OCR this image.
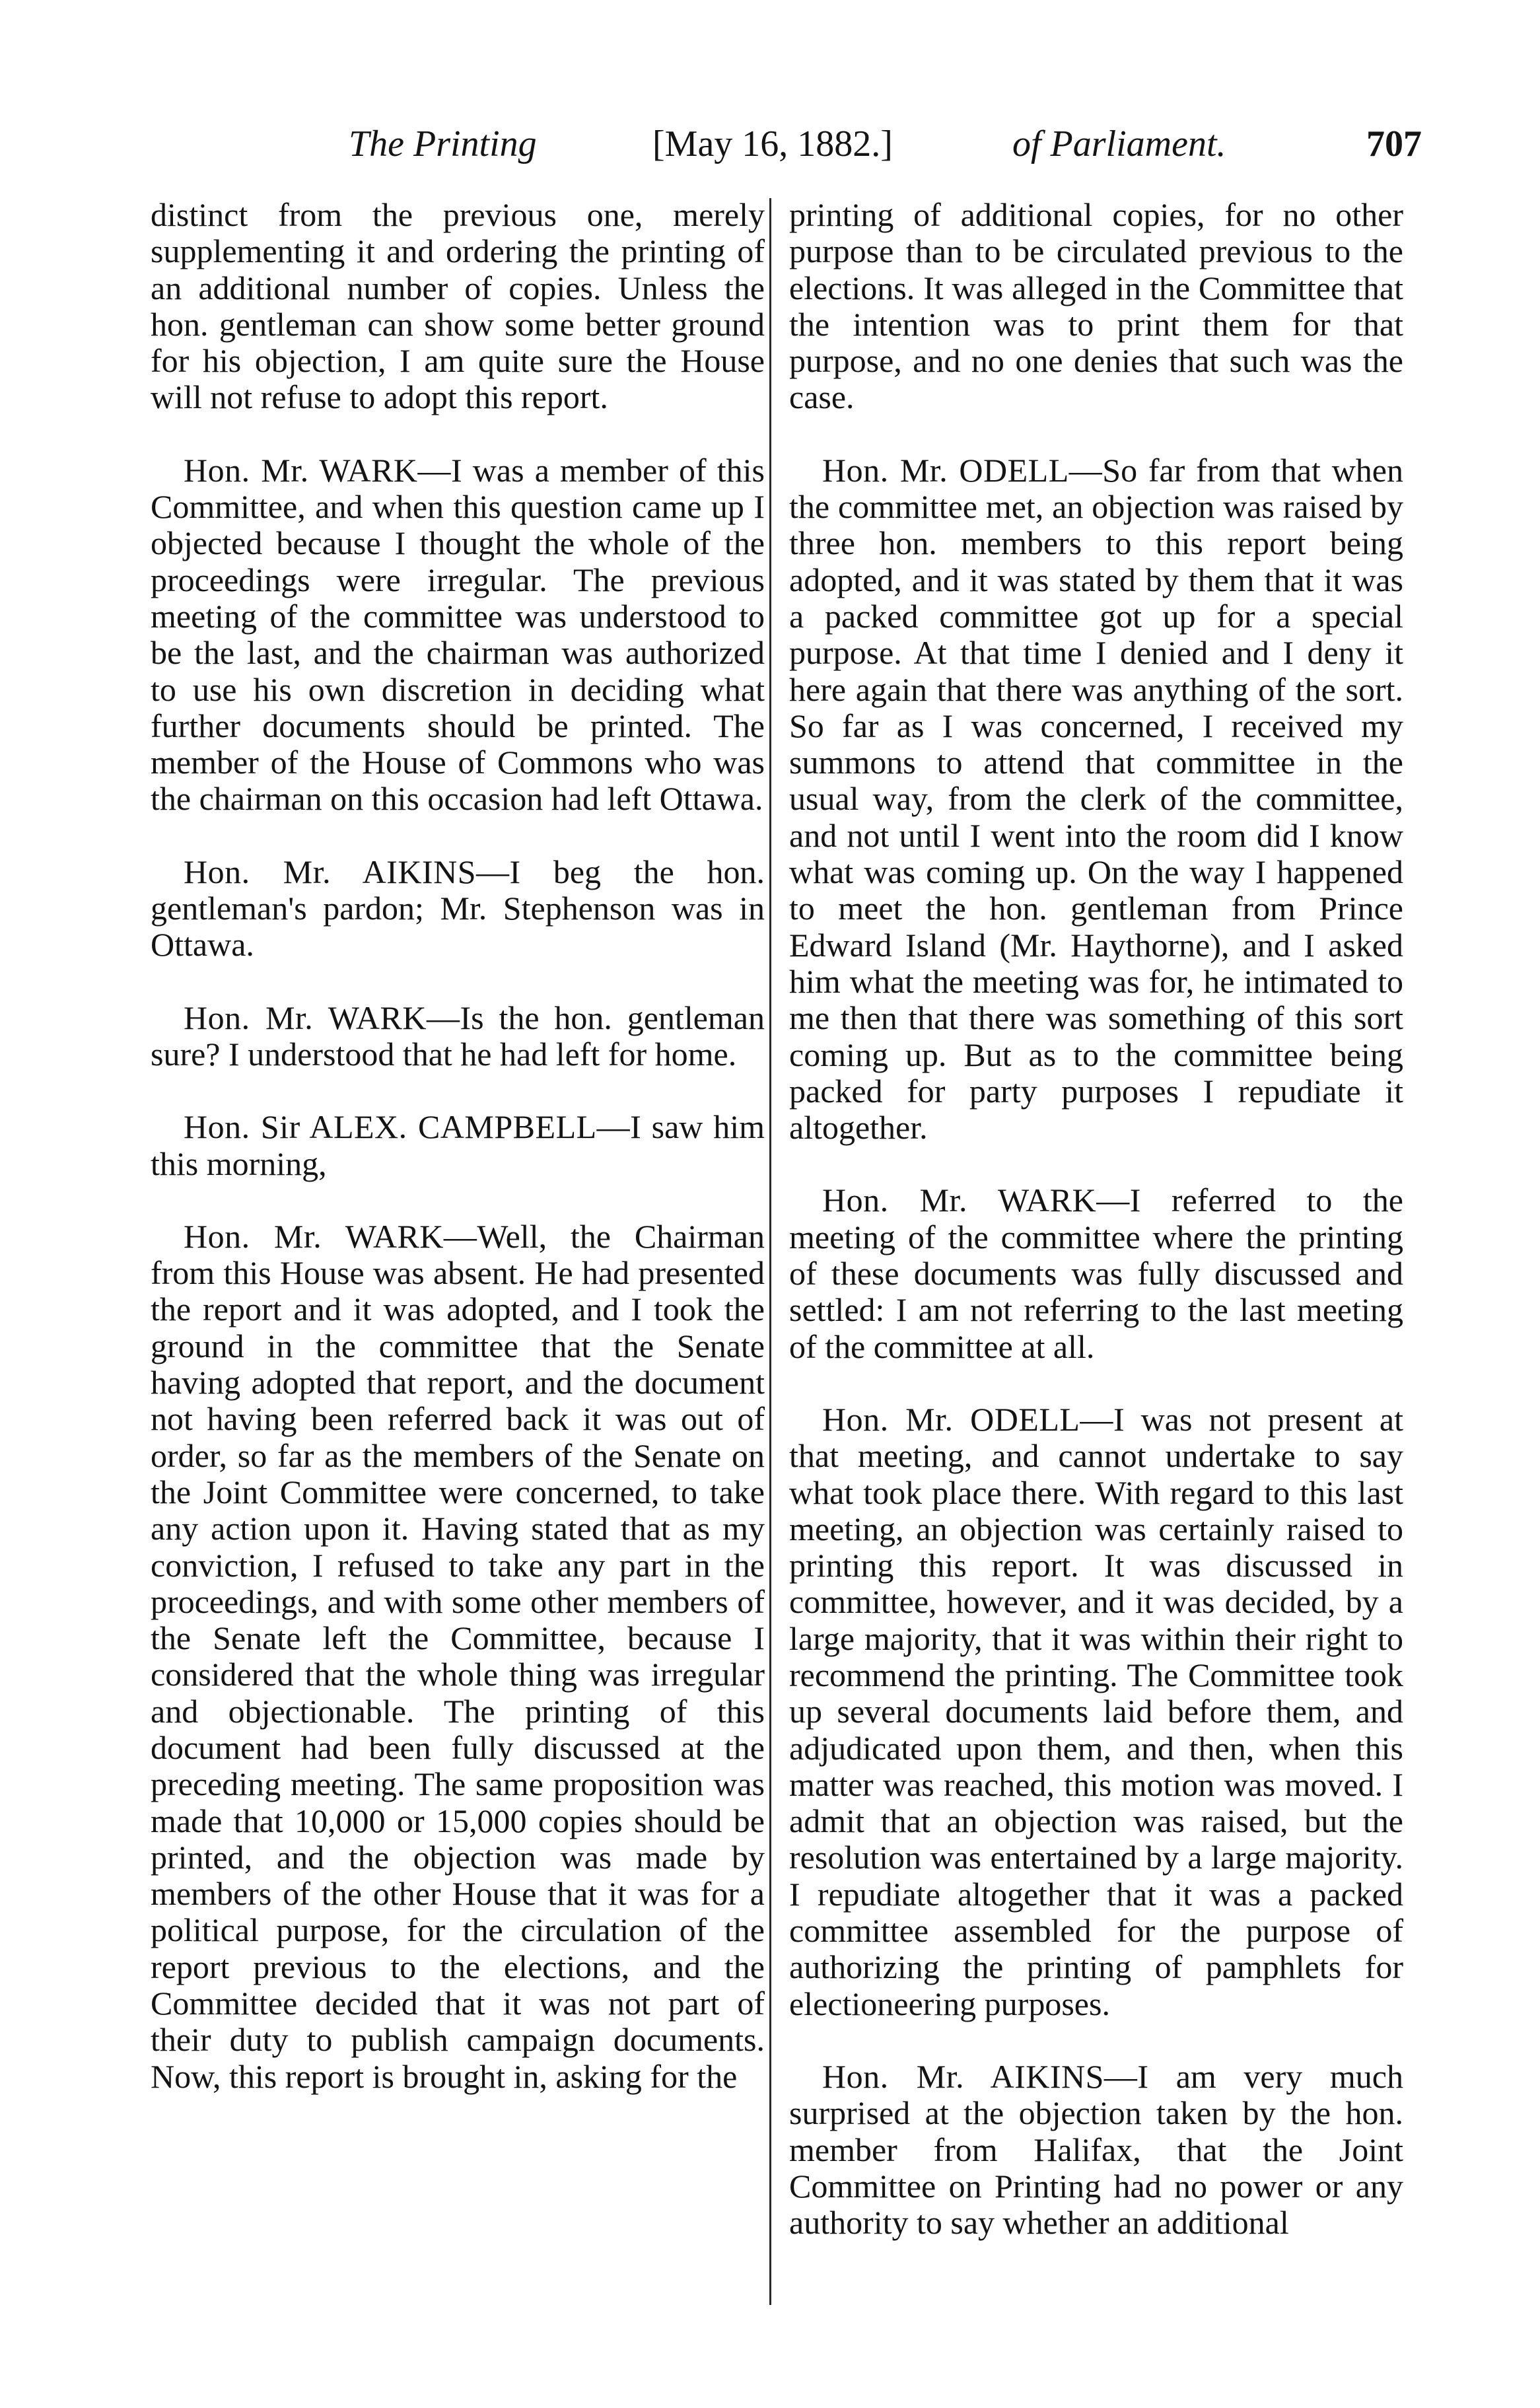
The Printing	[May 16, 1882.]	of Parliament.	707

distinct from the previous one, merely supplementing it and ordering the printing of an additional number of copies. Unless the hon. gentleman can show some better ground for his objection, I am quite sure the House will not refuse to adopt this report.

Hon. Mr. WARK—I was a member of this Committee, and when this question came up I objected because I thought the whole of the proceedings were irregular. The previous meeting of the committee was understood to be the last, and the chairman was authorized to use his own discretion in deciding what further documents should be printed. The member of the House of Commons who was the chairman on this occasion had left Ottawa.

Hon. Mr. AIKINS—I beg the hon. gentleman's pardon; Mr. Stephenson was in Ottawa.

Hon. Mr. WARK—Is the hon. gentleman sure? I understood that he had left for home.

Hon. Sir ALEX. CAMPBELL—I saw him this morning,

Hon. Mr. WARK—Well, the Chairman from this House was absent. He had presented the report and it was adopted, and I took the ground in the committee that the Senate having adopted that report, and the document not having been referred back it was out of order, so far as the members of the Senate on the Joint Committee were concerned, to take any action upon it. Having stated that as my conviction, I refused to take any part in the proceedings, and with some other members of the Senate left the Committee, because I considered that the whole thing was irregular and objectionable. The printing of this document had been fully discussed at the preceding meeting. The same proposition was made that 10,000 or 15,000 copies should be printed, and the objection was made by members of the other House that it was for a political purpose, for the circulation of the report previous to the elections, and the Committee decided that it was not part of their duty to publish campaign documents. Now, this report is brought in, asking for the

printing of additional copies, for no other purpose than to be circulated previous to the elections. It was alleged in the Committee that the intention was to print them for that purpose, and no one denies that such was the case.

Hon. Mr. ODELL—So far from that when the committee met, an objection was raised by three hon. members to this report being adopted, and it was stated by them that it was a packed committee got up for a special purpose. At that time I denied and I deny it here again that there was anything of the sort. So far as I was concerned, I received my summons to attend that committee in the usual way, from the clerk of the committee, and not until I went into the room did I know what was coming up. On the way I happened to meet the hon. gentleman from Prince Edward Island (Mr. Haythorne), and I asked him what the meeting was for, he intimated to me then that there was something of this sort coming up. But as to the committee being packed for party purposes I repudiate it altogether.

Hon. Mr. WARK—I referred to the meeting of the committee where the printing of these documents was fully discussed and settled: I am not referring to the last meeting of the committee at all.

Hon. Mr. ODELL—I was not present at that meeting, and cannot undertake to say what took place there. With regard to this last meeting, an objection was certainly raised to printing this report. It was discussed in committee, however, and it was decided, by a large majority, that it was within their right to recommend the printing. The Committee took up several documents laid before them, and adjudicated upon them, and then, when this matter was reached, this motion was moved. I admit that an objection was raised, but the resolution was entertained by a large majority. I repudiate altogether that it was a packed committee assembled for the purpose of authorizing the printing of pamphlets for electioneering purposes.

Hon. Mr. AIKINS—I am very much surprised at the objection taken by the hon. member from Halifax, that the Joint Committee on Printing had no power or any authority to say whether an additional
